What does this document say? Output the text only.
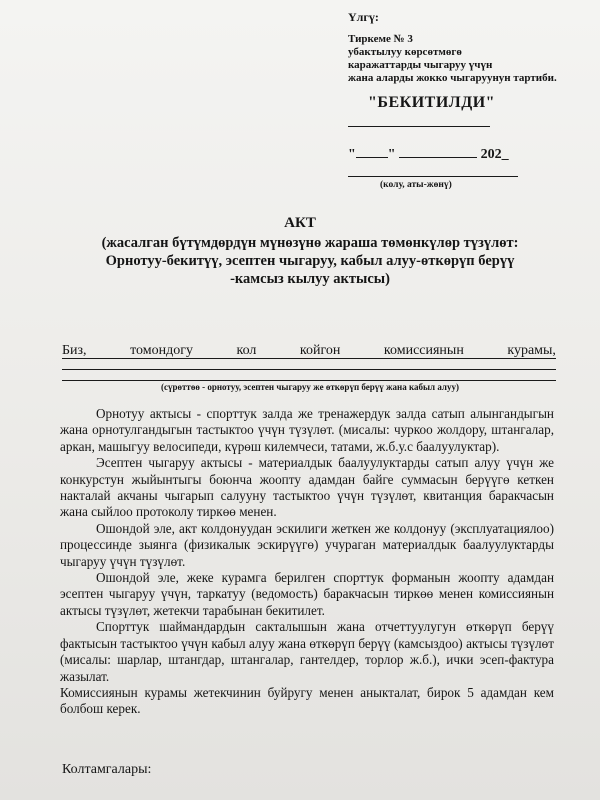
Үлгү:
Тиркеме № 3
убактылуу көрсөтмөгө
каражаттарды чыгаруу үчүн
жана аларды жокко чыгаруунун тартиби.
"БЕКИТИЛДИ"
" "	202_
(колу, аты-жөнү)
АКТ
(жасалган бүтүмдөрдүн мүнөзүнө жараша төмөнкүлөр түзүлөт:
Орнотуу-бекитүү, эсептен чыгаруу, кабыл алуу-өткөрүп берүү
-камсыз кылуу актысы)
Биз,	томондогу	кол	койгон	комиссиянын	курамы,
(сүрөттөө - орнотуу, эсептен чыгаруу же өткөрүп берүү жана кабыл алуу)

Орнотуу актысы - спорттук залда же тренажердук залда сатып алынгандыгын жана орнотулгандыгын тастыктоо үчүн түзүлөт. (мисалы: чуркоо жолдору, штангалар, аркан, машыгуу велосипеди, күрөш килемчеси, татами, ж.б.у.с баалуулуктар).

Эсептен чыгаруу актысы - материалдык баалуулуктарды сатып алуу үчүн же конкурстун жыйынтыгы боюнча жоопту адамдан байге суммасын берүүгө кеткен накталай акчаны чыгарып салууну тастыктоо үчүн түзүлөт, квитанция баракчасын жана сыйлоо протоколу тиркөө менен.

Ошондой эле, акт колдонуудан эскилиги жеткен же колдонуу (эксплуатациялоо) процессинде зыянга (физикалык эскирүүгө) учураган материалдык баалуулуктарды чыгаруу үчүн түзүлөт.

Ошондой эле, жеке курамга берилген спорттук форманын жоопту адамдан эсептен чыгаруу үчүн, таркатуу (ведомость) баракчасын тиркөө менен комиссиянын актысы түзүлөт, жетекчи тарабынан бекитилет.

Спорттук шаймандардын сакталышын жана отчеттуулугун өткөрүп берүү фактысын тастыктоо үчүн кабыл алуу жана өткөрүп берүү (камсыздоо) актысы түзүлөт (мисалы: шарлар, штангдар, штангалар, гантелдер, торлор ж.б.), ички эсеп-фактура жазылат.

Комиссиянын курамы жетекчинин буйругу менен аныкталат, бирок 5 адамдан кем болбош керек.

Колтамгалары:
